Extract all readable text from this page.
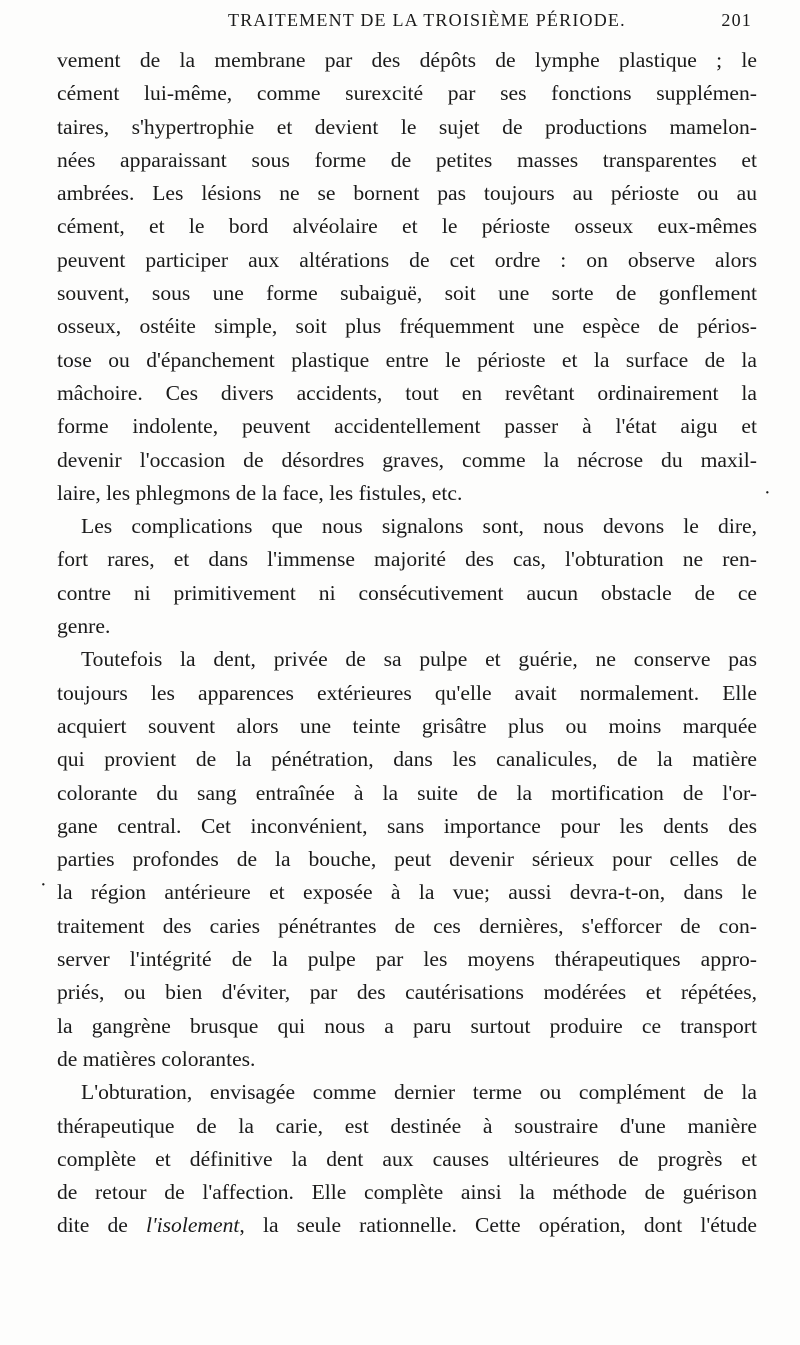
TRAITEMENT DE LA TROISIÈME PÉRIODE.	201
·
·
vement de la membrane par des dépôts de lymphe plastique ; le
cément lui-même, comme surexcité par ses fonctions supplémen-
taires, s'hypertrophie et devient le sujet de productions mamelon-
nées apparaissant sous forme de petites masses transparentes et
ambrées. Les lésions ne se bornent pas toujours au périoste ou au
cément, et le bord alvéolaire et le périoste osseux eux-mêmes
peuvent participer aux altérations de cet ordre : on observe alors
souvent, sous une forme subaiguë, soit une sorte de gonflement
osseux, ostéite simple, soit plus fréquemment une espèce de périos-
tose ou d'épanchement plastique entre le périoste et la surface de la
mâchoire. Ces divers accidents, tout en revêtant ordinairement la
forme indolente, peuvent accidentellement passer à l'état aigu et
devenir l'occasion de désordres graves, comme la nécrose du maxil-
laire, les phlegmons de la face, les fistules, etc.
Les complications que nous signalons sont, nous devons le dire,
fort rares, et dans l'immense majorité des cas, l'obturation ne ren-
contre ni primitivement ni consécutivement aucun obstacle de ce
genre.
Toutefois la dent, privée de sa pulpe et guérie, ne conserve pas
toujours les apparences extérieures qu'elle avait normalement. Elle
acquiert souvent alors une teinte grisâtre plus ou moins marquée
qui provient de la pénétration, dans les canalicules, de la matière
colorante du sang entraînée à la suite de la mortification de l'or-
gane central. Cet inconvénient, sans importance pour les dents des
parties profondes de la bouche, peut devenir sérieux pour celles de
la région antérieure et exposée à la vue; aussi devra-t-on, dans le
traitement des caries pénétrantes de ces dernières, s'efforcer de con-
server l'intégrité de la pulpe par les moyens thérapeutiques appro-
priés, ou bien d'éviter, par des cautérisations modérées et répétées,
la gangrène brusque qui nous a paru surtout produire ce transport
de matières colorantes.
L'obturation, envisagée comme dernier terme ou complément de la
thérapeutique de la carie, est destinée à soustraire d'une manière
complète et définitive la dent aux causes ultérieures de progrès et
de retour de l'affection. Elle complète ainsi la méthode de guérison
dite de l'isolement, la seule rationnelle. Cette opération, dont l'étude
